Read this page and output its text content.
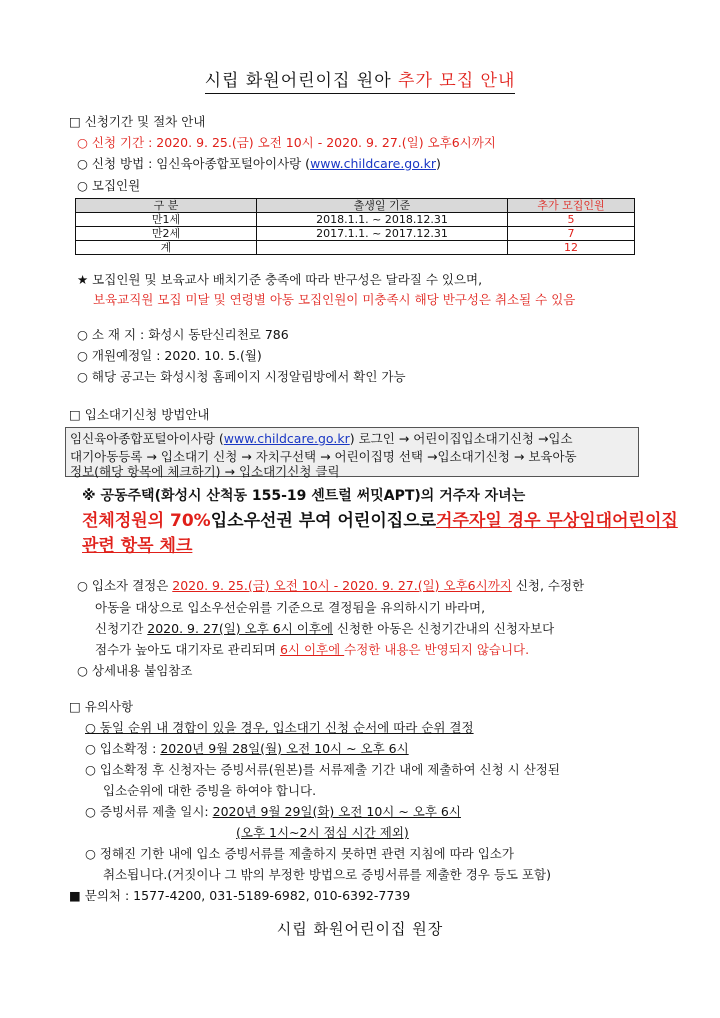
시립 화원어린이집 원아 추가 모집 안내
□ 신청기간 및 절차 안내
○ 신청 기간 : 2020. 9. 25.(금) 오전 10시 - 2020. 9. 27.(일) 오후6시까지
○ 신청 방법 : 임신육아종합포털아이사랑 (www.childcare.go.kr)
○ 모집인원
구 분	출생일 기준	추가 모집인원
만1세	2018.1.1. ~ 2018.12.31	5
만2세	2017.1.1. ~ 2017.12.31	7
계		12
★ 모집인원 및 보육교사 배치기준 충족에 따라 반구성은 달라질 수 있으며,
보육교직원 모집 미달 및 연령별 아동 모집인원이 미충족시 해당 반구성은 취소될 수 있음
○ 소 재 지 : 화성시 동탄신리천로 786
○ 개원예정일 : 2020. 10. 5.(월)
○ 해당 공고는 화성시청 홈페이지 시정알림방에서 확인 가능
□ 입소대기신청 방법안내
임신육아종합포털아이사랑 (www.childcare.go.kr) 로그인 → 어린이집입소대기신청 →입소
대기아동등록 → 입소대기 신청 → 자치구선택 → 어린이집명 선택 →입소대기신청 → 보육아동
정보(해당 항목에 체크하기) → 입소대기신청 클릭
※ 공동주택(화성시 산척동 155-19 센트럴 써밋APT)의 거주자 자녀는
전체정원의 70%입소우선권 부여 어린이집으로거주자일 경우 무상임대어린이집
관련 항목 체크
○ 입소자 결정은 2020. 9. 25.(금) 오전 10시 - 2020. 9. 27.(일) 오후6시까지 신청, 수정한
아동을 대상으로 입소우선순위를 기준으로 결정됨을 유의하시기 바라며,
신청기간 2020. 9. 27(일) 오후 6시 이후에 신청한 아동은 신청기간내의 신청자보다
점수가 높아도 대기자로 관리되며 6시 이후에 수정한 내용은 반영되지 않습니다.
○ 상세내용 붙임참조
□ 유의사항
○ 동일 순위 내 경합이 있을 경우, 입소대기 신청 순서에 따라 순위 결정
○ 입소확정 : 2020년 9월 28일(월) 오전 10시 ~ 오후 6시
○ 입소확정 후 신청자는 증빙서류(원본)를 서류제출 기간 내에 제출하여 신청 시 산정된
입소순위에 대한 증빙을 하여야 합니다.
○ 증빙서류 제출 일시: 2020년 9월 29일(화) 오전 10시 ~ 오후 6시
(오후 1시~2시 점심 시간 제외)
○ 정해진 기한 내에 입소 증빙서류를 제출하지 못하면 관련 지침에 따라 입소가
취소됩니다.(거짓이나 그 밖의 부정한 방법으로 증빙서류를 제출한 경우 등도 포함)
■ 문의처 : 1577-4200, 031-5189-6982, 010-6392-7739
시립 화원어린이집 원장
